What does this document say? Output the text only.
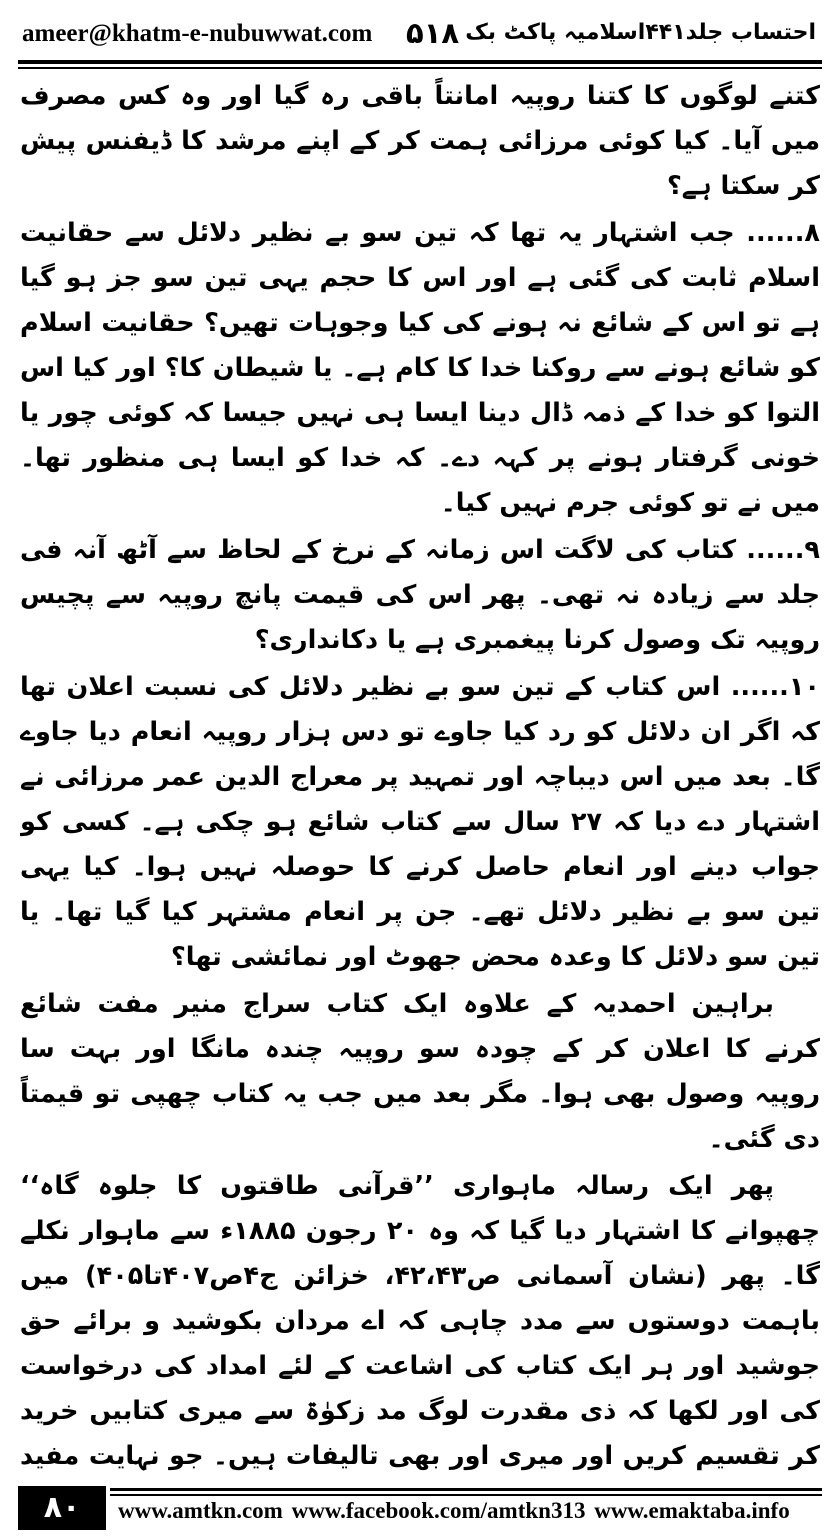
ameer@khatm-e-nubuwwat.com ۵۱۸ احتساب جلد۴۴۱اسلامیہ پاکٹ بک

کتنے لوگوں کا کتنا روپیہ امانتاً باقی رہ گیا اور وہ کس مصرف میں آیا۔ کیا کوئی مرزائی ہمت کر کے اپنے مرشد کا ڈیفنس پیش کر سکتا ہے؟

۸...... جب اشتہار یہ تھا کہ تین سو بے نظیر دلائل سے حقانیت اسلام ثابت کی گئی ہے اور اس کا حجم یہی تین سو جز ہو گیا ہے تو اس کے شائع نہ ہونے کی کیا وجوہات تھیں؟ حقانیت اسلام کو شائع ہونے سے روکنا خدا کا کام ہے۔ یا شیطان کا؟ اور کیا اس التوا کو خدا کے ذمہ ڈال دینا ایسا ہی نہیں جیسا کہ کوئی چور یا خونی گرفتار ہونے پر کہہ دے۔ کہ خدا کو ایسا ہی منظور تھا۔ میں نے تو کوئی جرم نہیں کیا۔

۹...... کتاب کی لاگت اس زمانہ کے نرخ کے لحاظ سے آٹھ آنہ فی جلد سے زیادہ نہ تھی۔ پھر اس کی قیمت پانچ روپیہ سے پچیس روپیہ تک وصول کرنا پیغمبری ہے یا دکانداری؟

۱۰...... اس کتاب کے تین سو بے نظیر دلائل کی نسبت اعلان تھا کہ اگر ان دلائل کو رد کیا جاوے تو دس ہزار روپیہ انعام دیا جاوے گا۔ بعد میں اس دیباچہ اور تمہید پر معراج الدین عمر مرزائی نے اشتہار دے دیا کہ ۲۷ سال سے کتاب شائع ہو چکی ہے۔ کسی کو جواب دینے اور انعام حاصل کرنے کا حوصلہ نہیں ہوا۔ کیا یہی تین سو بے نظیر دلائل تھے۔ جن پر انعام مشتہر کیا گیا تھا۔ یا تین سو دلائل کا وعدہ محض جھوٹ اور نمائشی تھا؟

براہین احمدیہ کے علاوہ ایک کتاب سراج منیر مفت شائع کرنے کا اعلان کر کے چودہ سو روپیہ چندہ مانگا اور بہت سا روپیہ وصول بھی ہوا۔ مگر بعد میں جب یہ کتاب چھپی تو قیمتاً دی گئی۔

پھر ایک رسالہ ماہواری ’’قرآنی طاقتوں کا جلوہ گاہ‘‘ چھپوانے کا اشتہار دیا گیا کہ وہ ۲۰ رجون ۱۸۸۵ء سے ماہوار نکلے گا۔ پھر (نشان آسمانی ص۴۲،۴۳، خزائن ج۴ص۴۰۷تا۴۰۵) میں باہمت دوستوں سے مدد چاہی کہ اے مردان بکوشید و برائے حق جوشید اور ہر ایک کتاب کی اشاعت کے لئے امداد کی درخواست کی اور لکھا کہ ذی مقدرت لوگ مد زکوٰۃ سے میری کتابیں خرید کر تقسیم کریں اور میری اور بھی تالیفات ہیں۔ جو نہایت مفید

۸۰	www.amtkn.com www.facebook.com/amtkn313 www.emaktaba.info
